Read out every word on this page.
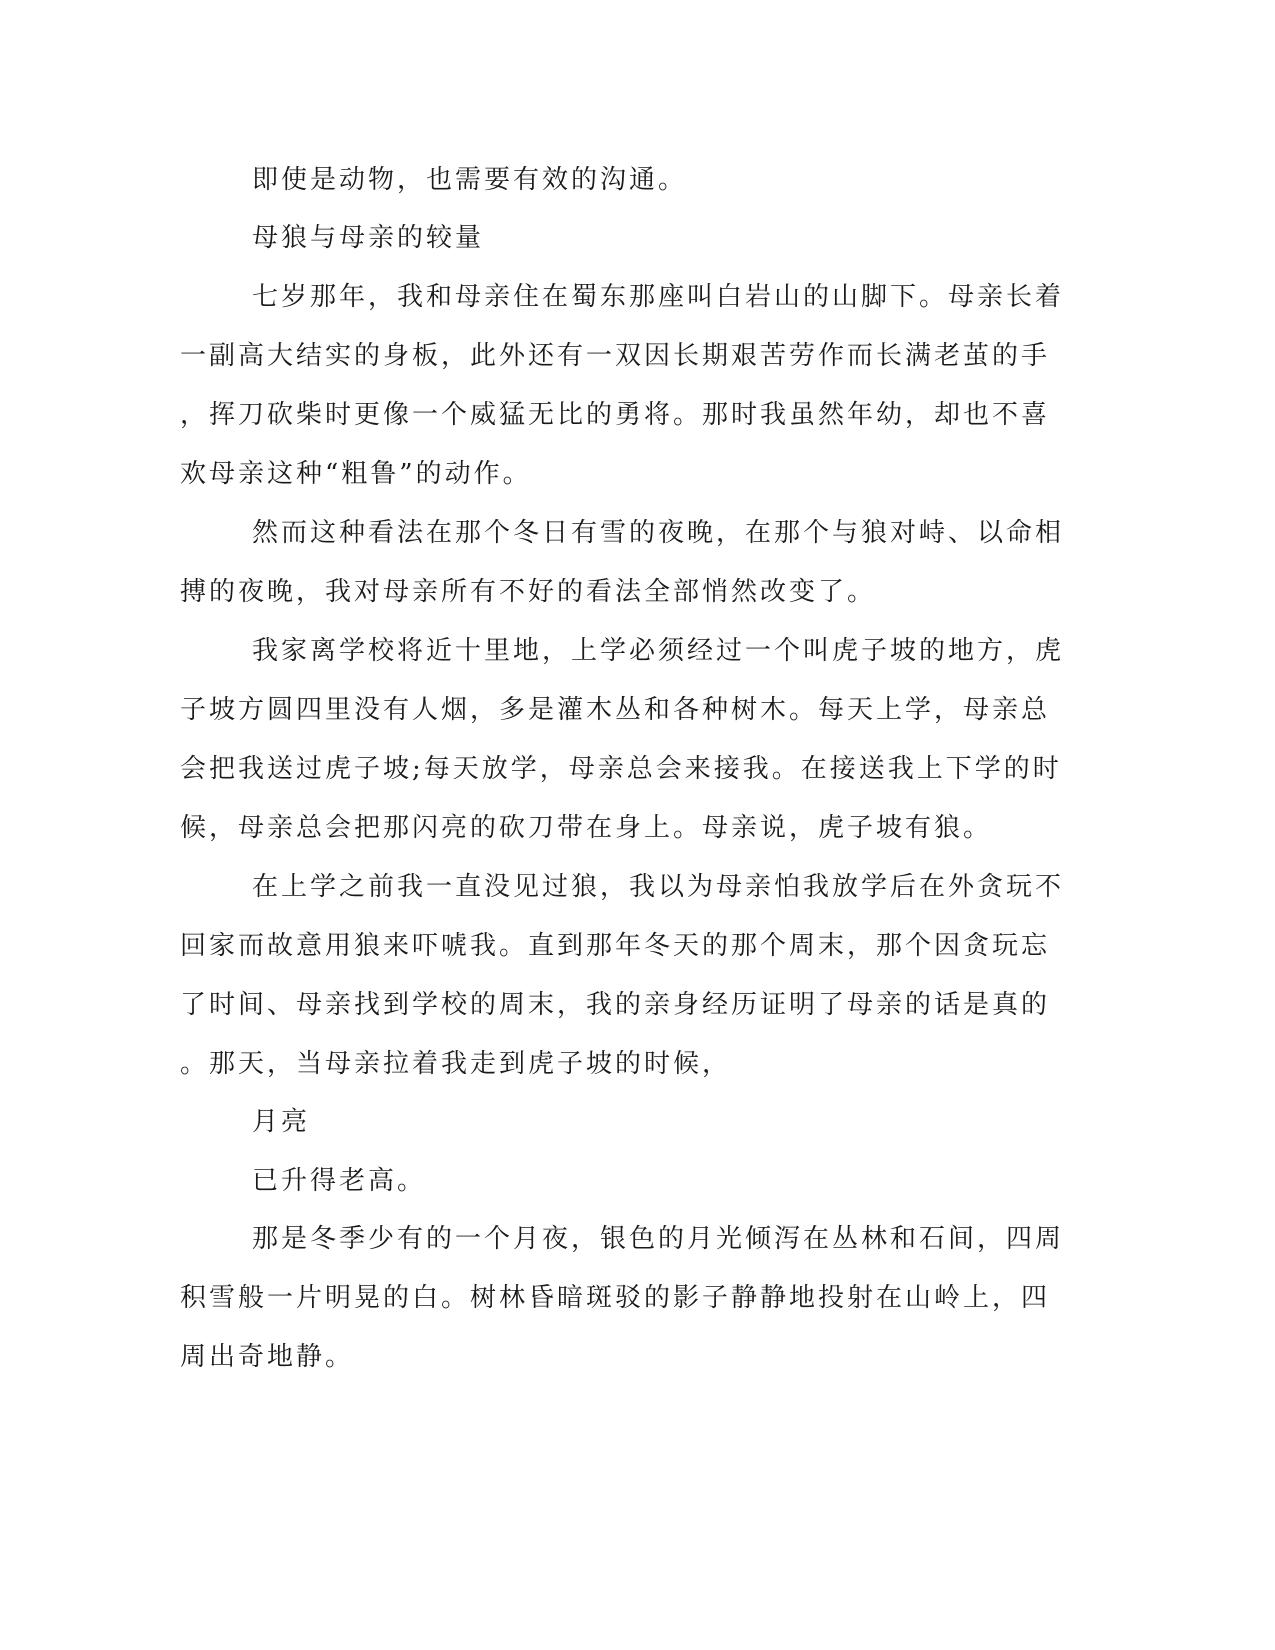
即使是动物，也需要有效的沟通。
母狼与母亲的较量
七岁那年，我和母亲住在蜀东那座叫白岩山的山脚下。母亲长着
一副高大结实的身板，此外还有一双因长期艰苦劳作而长满老茧的手
，挥刀砍柴时更像一个威猛无比的勇将。那时我虽然年幼，却也不喜
欢母亲这种“粗鲁”的动作。
然而这种看法在那个冬日有雪的夜晚，在那个与狼对峙、以命相
搏的夜晚，我对母亲所有不好的看法全部悄然改变了。
我家离学校将近十里地，上学必须经过一个叫虎子坡的地方，虎
子坡方圆四里没有人烟，多是灌木丛和各种树木。每天上学，母亲总
会把我送过虎子坡;每天放学，母亲总会来接我。在接送我上下学的时
候，母亲总会把那闪亮的砍刀带在身上。母亲说，虎子坡有狼。
在上学之前我一直没见过狼，我以为母亲怕我放学后在外贪玩不
回家而故意用狼来吓唬我。直到那年冬天的那个周末，那个因贪玩忘
了时间、母亲找到学校的周末，我的亲身经历证明了母亲的话是真的
。那天，当母亲拉着我走到虎子坡的时候，
月亮
已升得老高。
那是冬季少有的一个月夜，银色的月光倾泻在丛林和石间，四周
积雪般一片明晃的白。树林昏暗斑驳的影子静静地投射在山岭上，四
周出奇地静。
